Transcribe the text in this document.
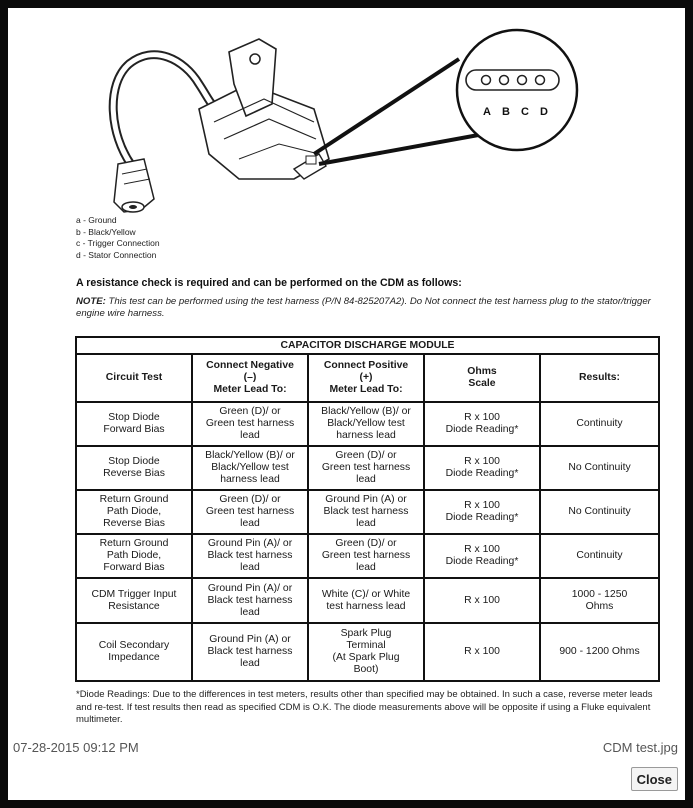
A B C D
a - Ground
b - Black/Yellow
c - Trigger Connection
d - Stator Connection
A resistance check is required and can be performed on the CDM as follows:
NOTE: This test can be performed using the test harness (P/N 84-825207A2). Do Not connect the test harness plug to the stator/trigger engine wire harness.
CAPACITOR DISCHARGE MODULE				
Circuit Test	Connect Negative
(–)
Meter Lead To:	Connect Positive
(+)
Meter Lead To:	Ohms
Scale	Results:
Stop Diode
Forward Bias	Green (D)/ or
Green test harness
lead	Black/Yellow (B)/ or
Black/Yellow test
harness lead	R x 100
Diode Reading*	Continuity
Stop Diode
Reverse Bias	Black/Yellow (B)/ or
Black/Yellow test
harness lead	Green (D)/ or
Green test harness
lead	R x 100
Diode Reading*	No Continuity
Return Ground
Path Diode,
Reverse Bias	Green (D)/ or
Green test harness
lead	Ground Pin (A) or
Black test harness
lead	R x 100
Diode Reading*	No Continuity
Return Ground
Path Diode,
Forward Bias	Ground Pin (A)/ or
Black test harness
lead	Green (D)/ or
Green test harness
lead	R x 100
Diode Reading*	Continuity
CDM Trigger Input
Resistance	Ground Pin (A)/ or
Black test harness
lead	White (C)/ or White
test harness lead	R x 100	1000 - 1250
Ohms
Coil Secondary
Impedance	Ground Pin (A) or
Black test harness
lead	Spark Plug
Terminal
(At Spark Plug
Boot)	R x 100	900 - 1200 Ohms
*Diode Readings: Due to the differences in test meters, results other than specified may be obtained. In such a case, reverse meter leads and re-test. If test results then read as specified CDM is O.K. The diode measurements above will be opposite if using a Fluke equivalent multimeter.
07-28-2015 09:12 PM	CDM test.jpg
Close
